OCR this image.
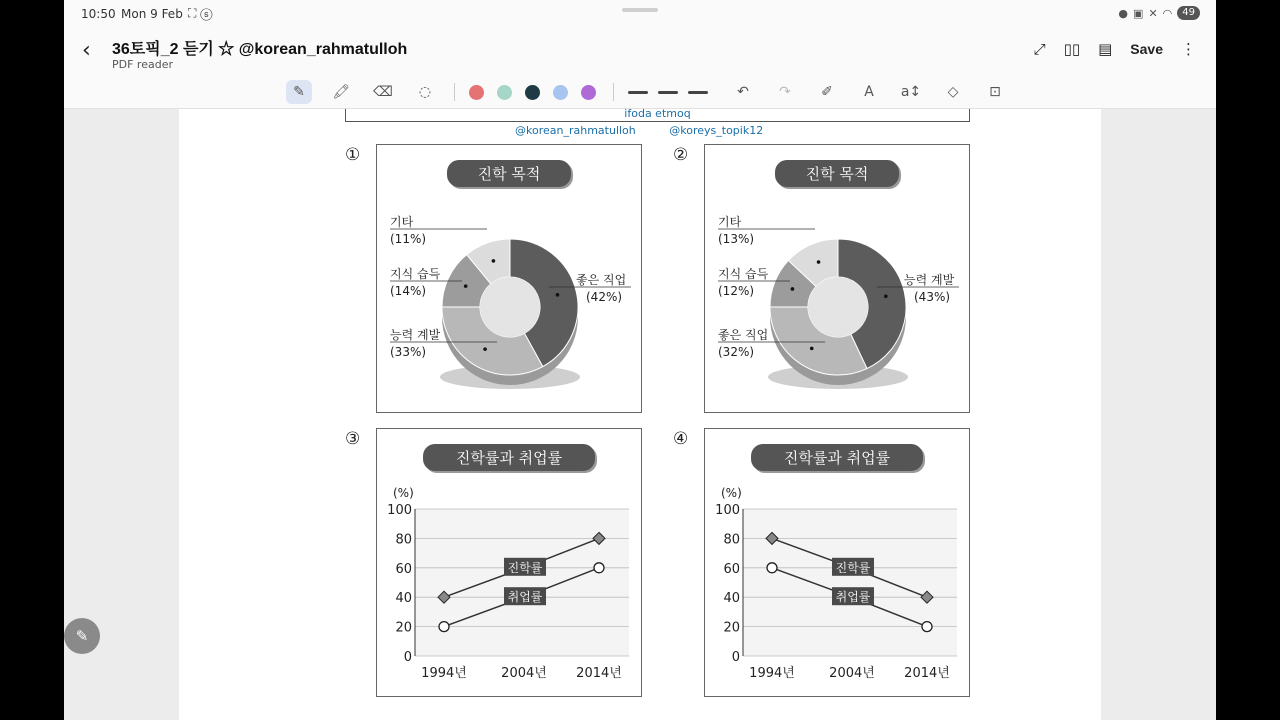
10:50 Mon 9 Feb ⛶ ⓢ	● ▣ ✕ ◠	49
‹ 36토픽_2 듣기 ☆ @korean_rahmatulloh
PDF reader
⤢ ▯▯ ▤ Save ⋮
✎	🖍 ⌫	◌	↶	↷	✐	A	a↕	◇	⊡
ifoda etmoq
@korean_rahmatulloh	@koreys_topik12
①	②
③	④
진학 목적
기타
(11%)
지식 습득
(14%)
능력 계발
(33%)
좋은 직업
(42%)
진학 목적
기타
(13%)
지식 습득
(12%)
좋은 직업
(32%)
능력 계발
(43%)
진학률과 취업률
0
20
40
60
80
100
(%)
1994년	2004년 2014년
진학률
취업률
진학률과 취업률
0
20
40
60
80
100
(%)
1994년	2004년 2014년
진학률
취업률
✎
